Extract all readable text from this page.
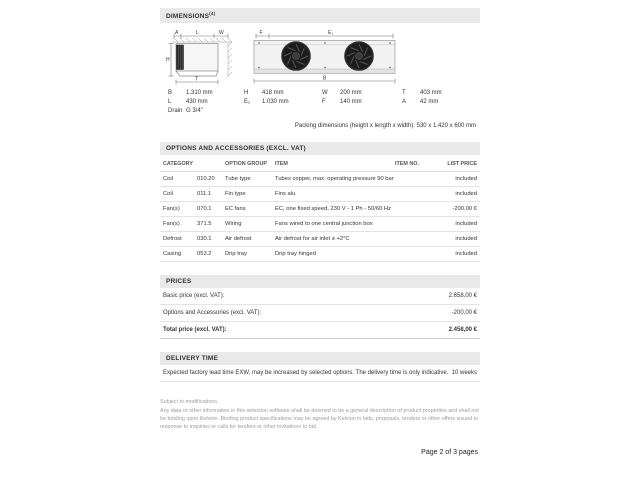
DIMENSIONS$^{(4)}$
A	L	W
H
T
F	E₁
B
B	1.310 mm
L	430 mm
Drain G 3/4"
H	418 mm
E₁	1.030 mm
W	200 mm
F	140 mm
T	403 mm
A	42 mm
Packing dimensions (height x length x width): 530 x 1.420 x 600 mm
OPTIONS AND ACCESSORIES (EXCL. VAT)
CATEGORY	OPTION GROUP	ITEM	ITEM NO.	LIST PRICE
Coil	010.20	Tube type	Tubes copper, max. operating pressure 90 bar	included
Coil	011.1	Fin type	Fins alu	included
Fan(s)	070.1	EC fans	EC, one fixed speed, 230 V - 1 Ph - 50/60 Hz	-200,00 €
Fan(s)	371.5	Wiring	Fans wired to one central junction box	included
Defrost	030.1	Air defrost	Air defrost for air inlet ≥ +2°C	included
Casing	053.2	Drip tray	Drip tray hinged	included
PRICES
Basic price (excl. VAT):	2.658,00 €
Options and Accessories (excl. VAT):	-200,00 €
Total price (excl. VAT):	2.458,00 €
DELIVERY TIME
Expected factory lead time EXW, may be increased by selected options. The delivery time is only indicative. 10 weeks
Subject to modifications.
Any data or other information in this selection software shall be deemed to be a general description of product properties and shall not be binding upon Kelvion. Binding product specifications may be agreed by Kelvion in bids, proposals, tenders or other offers issued in response to inquiries or calls for tenders or other invitations to bid.
Page 2 of 3 pages
